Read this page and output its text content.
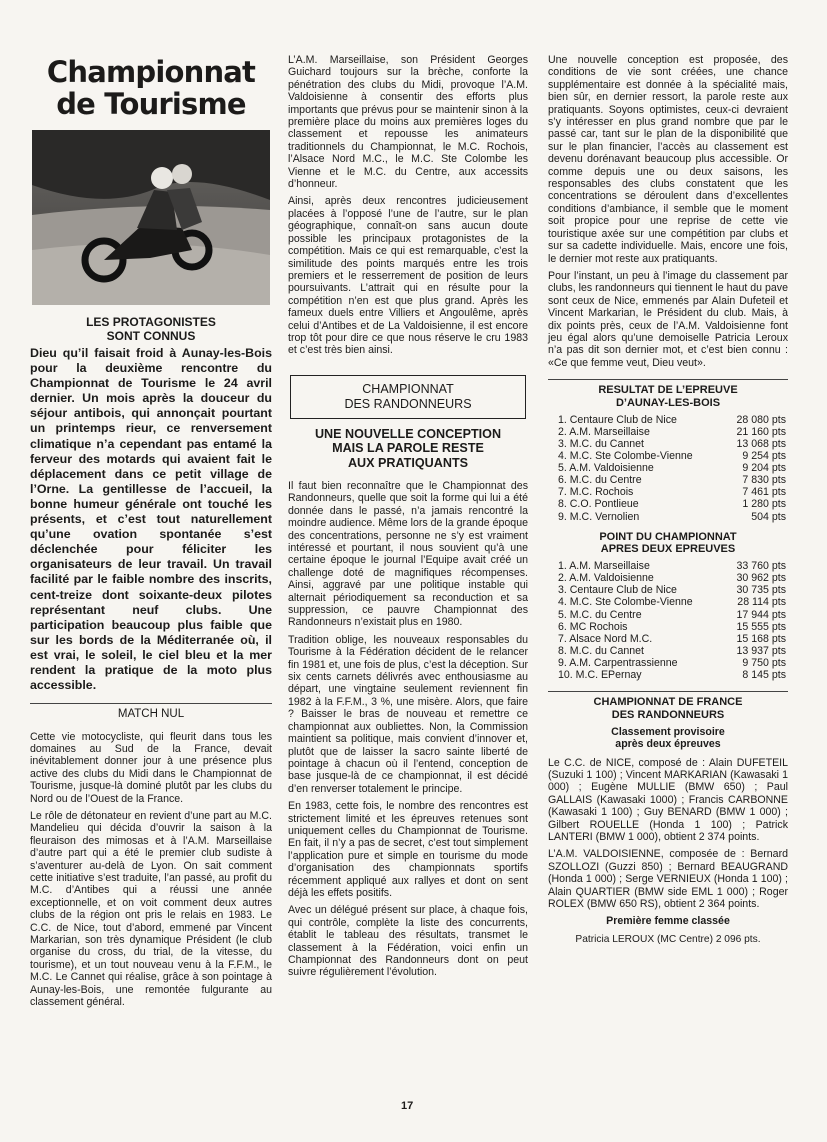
Championnat
de Tourisme
LES PROTAGONISTES
SONT CONNUS

Dieu qu’il faisait froid à Aunay-les-Bois pour la deuxième rencontre du Championnat de Tourisme le 24 avril dernier. Un mois après la douceur du séjour antibois, qui annonçait pourtant un printemps rieur, ce renversement climatique n’a cependant pas entamé la ferveur des motards qui avaient fait le déplacement dans ce petit village de l’Orne. La gentillesse de l’accueil, la bonne humeur générale ont touché les présents, et c’est tout naturellement qu’une ovation spontanée s’est déclenchée pour féliciter les organisateurs de leur travail. Un travail facilité par le faible nombre des inscrits, cent-treize dont soixante-deux pilotes représentant neuf clubs. Une participation beaucoup plus faible que sur les bords de la Méditerranée où, il est vrai, le soleil, le ciel bleu et la mer rendent la pratique de la moto plus accessible.

MATCH NUL

Cette vie motocycliste, qui fleurit dans tous les domaines au Sud de la France, devait inévitablement donner jour à une présence plus active des clubs du Midi dans le Championnat de Tourisme, jusque-là dominé plutôt par les clubs du Nord ou de l’Ouest de la France.

Le rôle de détonateur en revient d’une part au M.C. Mandelieu qui décida d’ouvrir la saison à la fleuraison des mimosas et à l’A.M. Marseillaise d’autre part qui a été le premier club sudiste à s’aventurer au-delà de Lyon. On sait comment cette initiative s’est traduite, l’an passé, au profit du M.C. d’Antibes qui a réussi une année exceptionnelle, et on voit comment deux autres clubs de la région ont pris le relais en 1983. Le C.C. de Nice, tout d’abord, emmené par Vincent Markarian, son très dynamique Président (le club organise du cross, du trial, de la vitesse, du tourisme), et un tout nouveau venu à la F.F.M., le M.C. Le Cannet qui réalise, grâce à son pointage à Aunay-les-Bois, une remontée fulgurante au classement général.

L’A.M. Marseillaise, son Président Georges Guichard toujours sur la brèche, conforte la pénétration des clubs du Midi, provoque l’A.M. Valdoisienne à consentir des efforts plus importants que prévus pour se maintenir sinon à la première place du moins aux premières loges du classement et repousse les animateurs traditionnels du Championnat, le M.C. Rochois, l’Alsace Nord M.C., le M.C. Ste Colombe les Vienne et le M.C. du Centre, aux accessits d’honneur.

Ainsi, après deux rencontres judicieusement placées à l’opposé l’une de l’autre, sur le plan géographique, connaît-on sans aucun doute possible les principaux protagonistes de la compétition. Mais ce qui est remarquable, c’est la similitude des points marqués entre les trois premiers et le resserrement de position de leurs poursuivants. L’attrait qui en résulte pour la compétition n’en est que plus grand. Après les fameux duels entre Villiers et Angoulême, après celui d’Antibes et de La Valdoisienne, il est encore trop tôt pour dire ce que nous réserve le cru 1983 et c’est très bien ainsi.

CHAMPIONNAT
DES RANDONNEURS
UNE NOUVELLE CONCEPTION
MAIS LA PAROLE RESTE
AUX PRATIQUANTS

Il faut bien reconnaître que le Championnat des Randonneurs, quelle que soit la forme qui lui a été donnée dans le passé, n’a jamais rencontré la moindre audience. Même lors de la grande époque des concentrations, personne ne s’y est vraiment intéressé et pourtant, il nous souvient qu’à une certaine époque le journal l’Equipe avait créé un challenge doté de magnifiques récompenses. Ainsi, aggravé par une politique instable qui alternait périodiquement sa reconduction et sa suppression, ce pauvre Championnat des Randonneurs n’existait plus en 1980.

Tradition oblige, les nouveaux responsables du Tourisme à la Fédération décident de le relancer fin 1981 et, une fois de plus, c’est la déception. Sur six cents carnets délivrés avec enthousiasme au départ, une vingtaine seulement reviennent fin 1982 à la F.F.M., 3 %, une misère. Alors, que faire ? Baisser le bras de nouveau et remettre ce championnat aux oubliettes. Non, la Commission maintient sa politique, mais convient d’innover et, plutôt que de laisser la sacro sainte liberté de pointage à chacun où il l’entend, conception de base jusque-là de ce championnat, il est décidé d’en renverser totalement le principe.

En 1983, cette fois, le nombre des rencontres est strictement limité et les épreuves retenues sont uniquement celles du Championnat de Tourisme. En fait, il n’y a pas de secret, c’est tout simplement l’application pure et simple en tourisme du mode d’organisation des championnats sportifs récemment appliqué aux rallyes et dont on sent déjà les effets positifs.

Avec un délégué présent sur place, à chaque fois, qui contrôle, complète la liste des concurrents, établit le tableau des résultats, transmet le classement à la Fédération, voici enfin un Championnat des Randonneurs dont on peut suivre régulièrement l’évolution.

Une nouvelle conception est proposée, des conditions de vie sont créées, une chance supplémentaire est donnée à la spécialité mais, bien sûr, en dernier ressort, la parole reste aux pratiquants. Soyons optimistes, ceux-ci devraient s’y intéresser en plus grand nombre que par le passé car, tant sur le plan de la disponibilité que sur le plan financier, l’accès au classement est devenu dorénavant beaucoup plus accessible. Or comme depuis une ou deux saisons, les responsables des clubs constatent que les concentrations se déroulent dans d’excellentes conditions d’ambiance, il semble que le moment soit propice pour une reprise de cette vie touristique axée sur une compétition par clubs et sur sa cadette individuelle. Mais, encore une fois, le dernier mot reste aux pratiquants.

Pour l’instant, un peu à l’image du classement par clubs, les randonneurs qui tiennent le haut du pave sont ceux de Nice, emmenés par Alain Dufeteil et Vincent Markarian, le Président du club. Mais, à dix points près, ceux de l’A.M. Valdoisienne font jeu égal alors qu’une demoiselle Patricia Leroux n’a pas dit son dernier mot, et c’est bien connu : «Ce que femme veut, Dieu veut».

RESULTAT DE L’EPREUVE
D’AUNAY-LES-BOIS
1. Centaure Club de Nice	28 080 pts
2. A.M. Marseillaise	21 160 pts
3. M.C. du Cannet	13 068 pts
4. M.C. Ste Colombe-Vienne	9 254 pts
5. A.M. Valdoisienne	9 204 pts
6. M.C. du Centre	7 830 pts
7. M.C. Rochois	7 461 pts
8. C.O. Pontlieue	1 280 pts
9. M.C. Vernolien	504 pts
POINT DU CHAMPIONNAT
APRES DEUX EPREUVES
1. A.M. Marseillaise	33 760 pts
2. A.M. Valdoisienne	30 962 pts
3. Centaure Club de Nice	30 735 pts
4. M.C. Ste Colombe-Vienne	28 114 pts
5. M.C. du Centre	17 944 pts
6. MC Rochois	15 555 pts
7. Alsace Nord M.C.	15 168 pts
8. M.C. du Cannet	13 937 pts
9. A.M. Carpentrassienne	9 750 pts
10. M.C. EPernay	8 145 pts
CHAMPIONNAT DE FRANCE
DES RANDONNEURS
Classement provisoire
après deux épreuves

Le C.C. de NICE, composé de : Alain DUFETEIL (Suzuki 1 100) ; Vincent MARKARIAN (Kawasaki 1 000) ; Eugène MULLIE (BMW 650) ; Paul GALLAIS (Kawasaki 1000) ; Francis CARBONNE (Kawasaki 1 100) ; Guy BENARD (BMW 1 000) ; Gilbert ROUELLE (Honda 1 100) ; Patrick LANTERI (BMW 1 000), obtient 2 374 points.

L’A.M. VALDOISIENNE, composée de : Bernard SZOLLOZI (Guzzi 850) ; Bernard BEAUGRAND (Honda 1 000) ; Serge VERNIEUX (Honda 1 100) ; Alain QUARTIER (BMW side EML 1 000) ; Roger ROLEX (BMW 650 RS), obtient 2 364 points.

Première femme classée
Patricia LEROUX (MC Centre) 2 096 pts.
17
